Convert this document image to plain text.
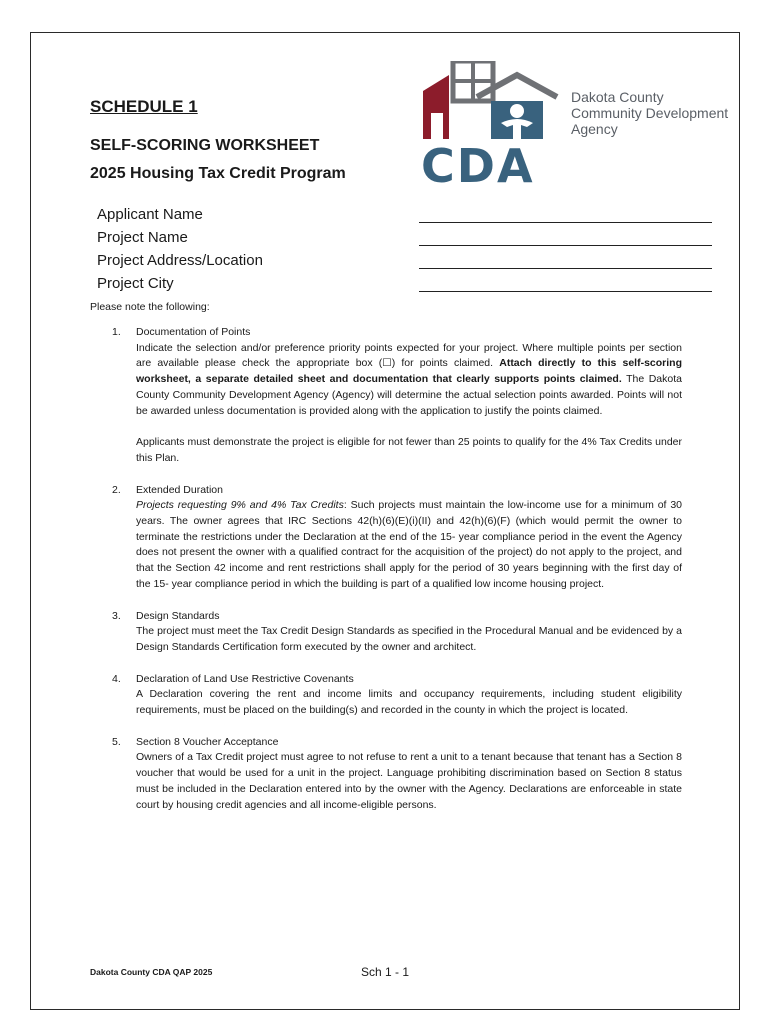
Dakota County
Community Development
Agency
CDA
SCHEDULE 1
SELF-SCORING WORKSHEET
2025 Housing Tax Credit Program
Applicant Name
Project Name
Project Address/Location
Project City
Please note the following:
1. Documentation of Points
Indicate the selection and/or preference priority points expected for your project. Where multiple points per section are available please check the appropriate box (☐) for points claimed. Attach directly to this self-scoring worksheet, a separate detailed sheet and documentation that clearly supports points claimed. The Dakota County Community Development Agency (Agency) will determine the actual selection points awarded. Points will not be awarded unless documentation is provided along with the application to justify the points claimed.
Applicants must demonstrate the project is eligible for not fewer than 25 points to qualify for the 4% Tax Credits under this Plan.
2. Extended Duration
Projects requesting 9% and 4% Tax Credits: Such projects must maintain the low-income use for a minimum of 30 years. The owner agrees that IRC Sections 42(h)(6)(E)(i)(II) and 42(h)(6)(F) (which would permit the owner to terminate the restrictions under the Declaration at the end of the 15- year compliance period in the event the Agency does not present the owner with a qualified contract for the acquisition of the project) do not apply to the project, and that the Section 42 income and rent restrictions shall apply for the period of 30 years beginning with the first day of the 15- year compliance period in which the building is part of a qualified low income housing project.
3. Design Standards
The project must meet the Tax Credit Design Standards as specified in the Procedural Manual and be evidenced by a Design Standards Certification form executed by the owner and architect.
4. Declaration of Land Use Restrictive Covenants
A Declaration covering the rent and income limits and occupancy requirements, including student eligibility requirements, must be placed on the building(s) and recorded in the county in which the project is located.
5. Section 8 Voucher Acceptance
Owners of a Tax Credit project must agree to not refuse to rent a unit to a tenant because that tenant has a Section 8 voucher that would be used for a unit in the project. Language prohibiting discrimination based on Section 8 status must be included in the Declaration entered into by the owner with the Agency. Declarations are enforceable in state court by housing credit agencies and all income-eligible persons.
Dakota County CDA QAP 2025	Sch 1 - 1
